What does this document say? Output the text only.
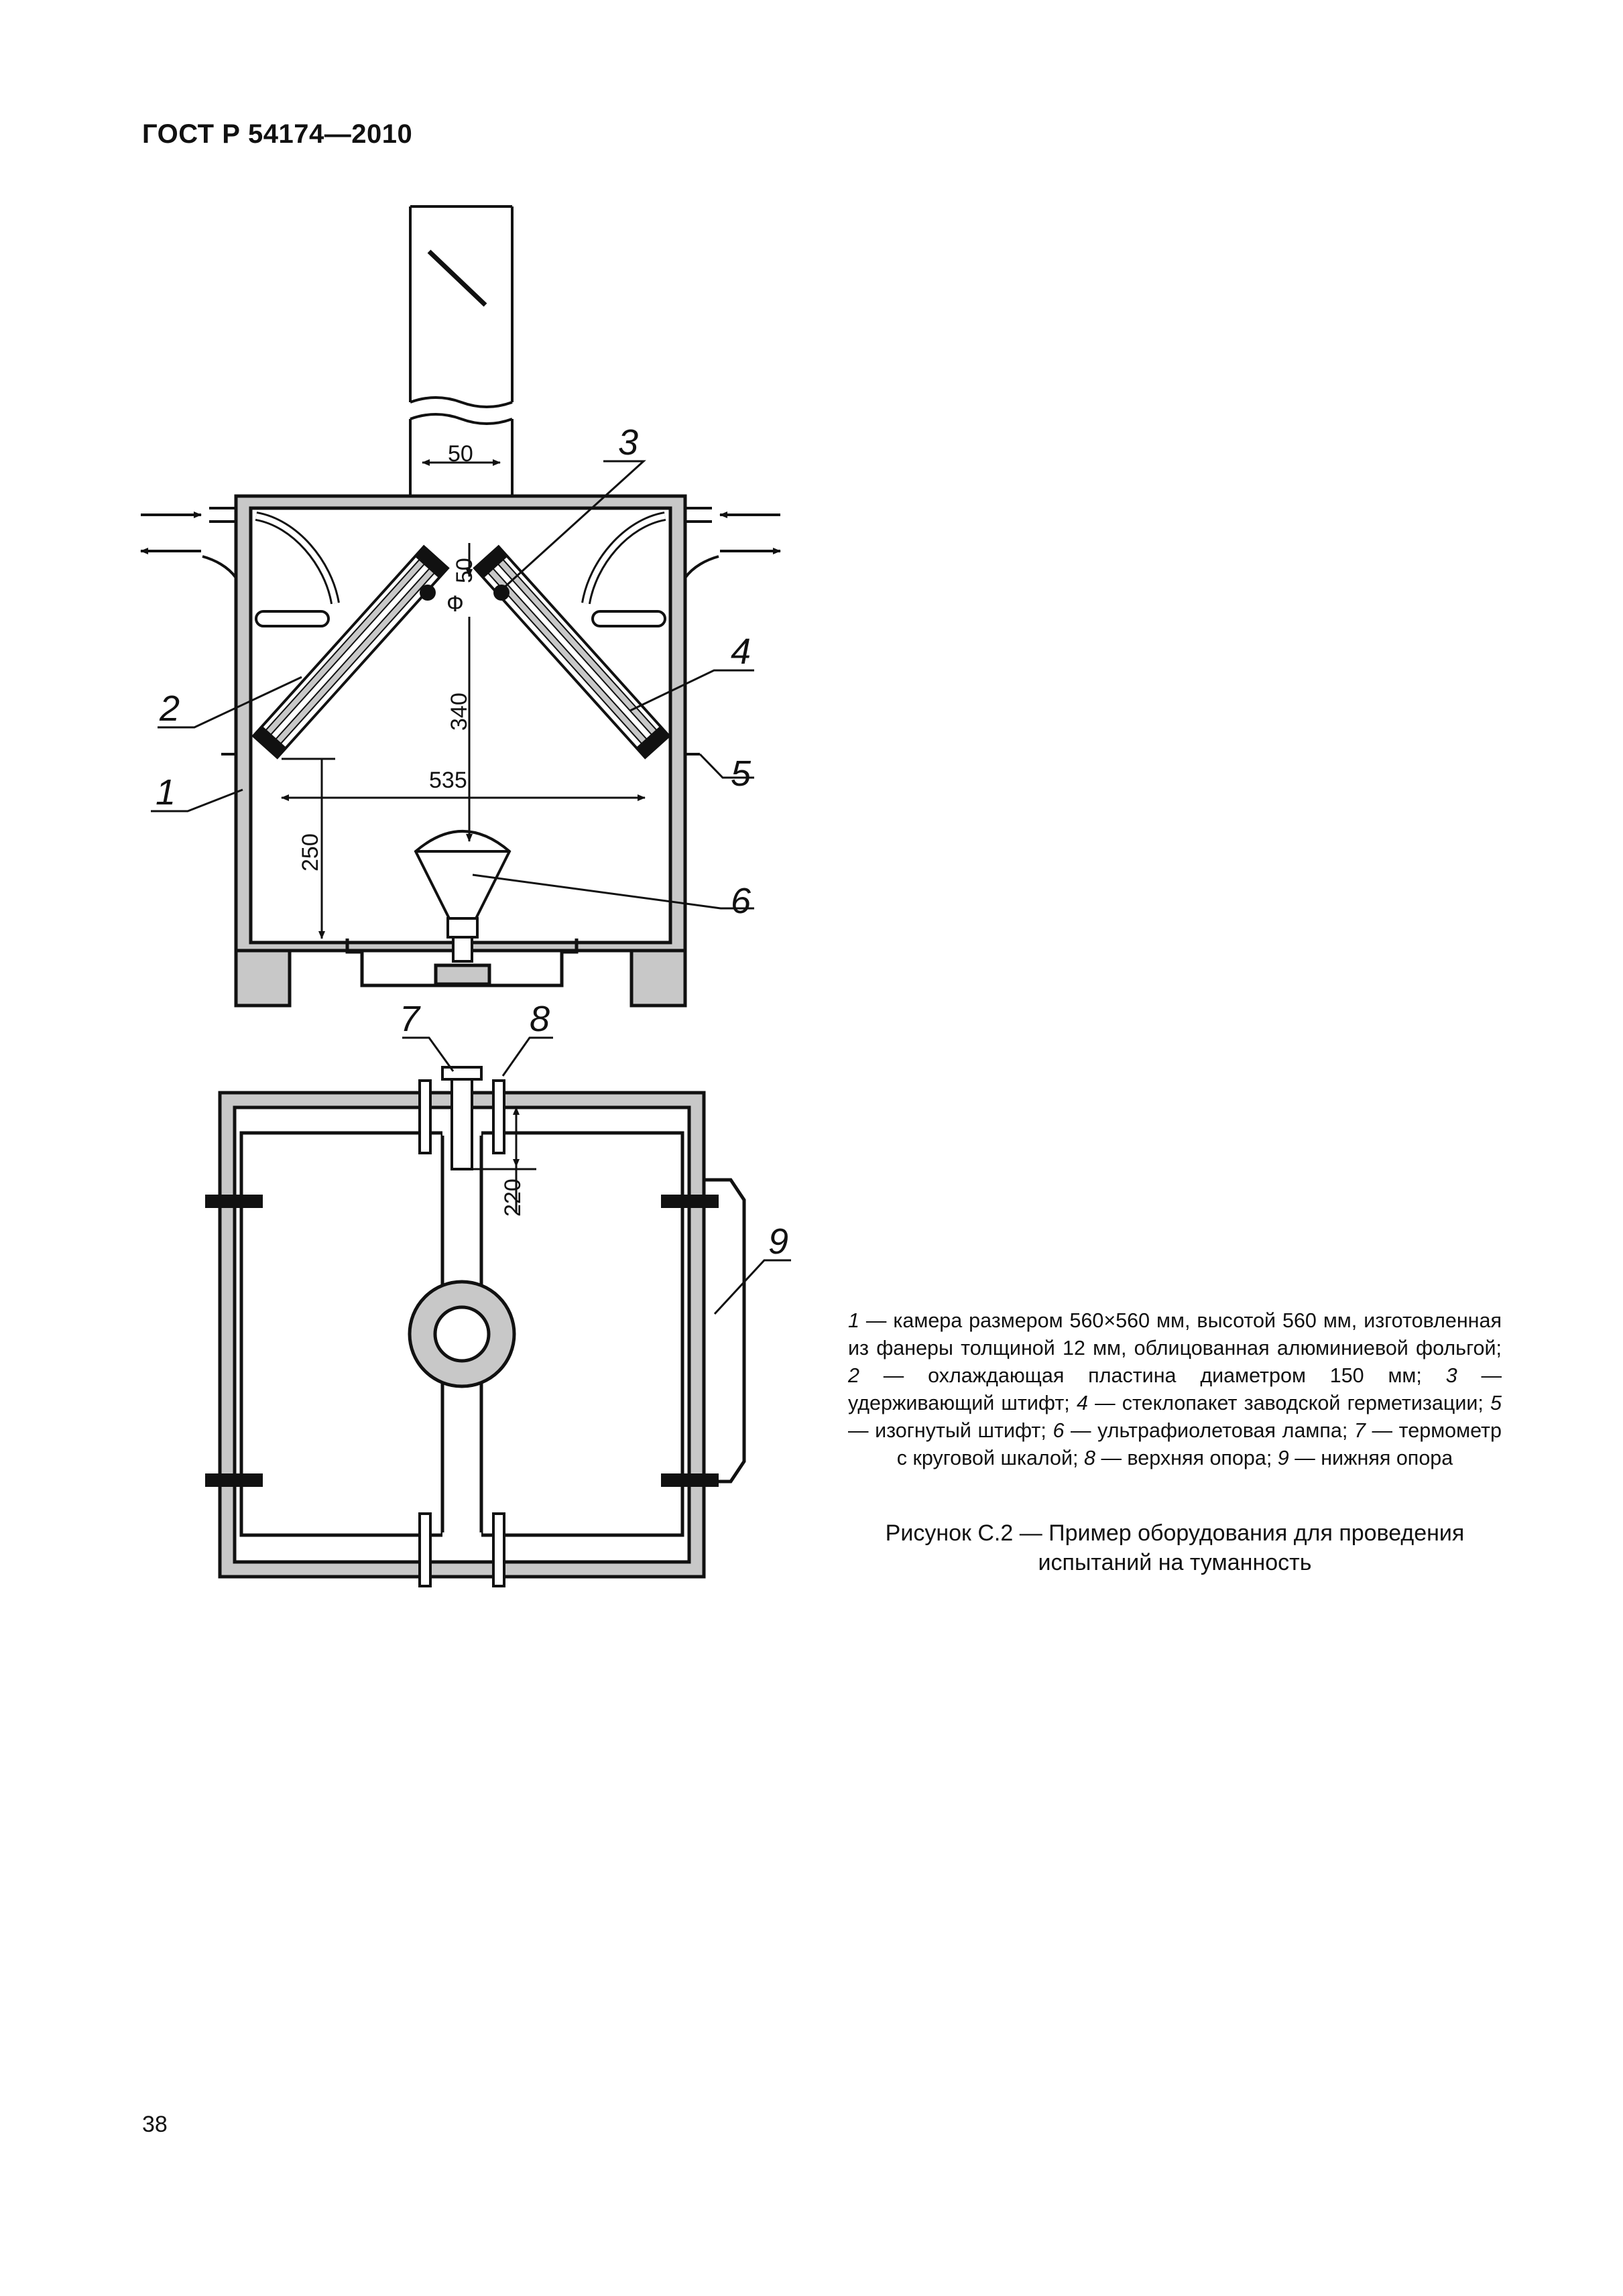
ГОСТ Р 54174—2010
50
50
Ф
340
535
250
3
2
4
5
1
6
220
7	8
9
1 — камера размером 560×560 мм, высотой 560 мм, изготовленная из фанеры толщиной 12 мм, облицованная алюминиевой фольгой; 2 — охлаждающая пластина диаметром 150 мм; 3 — удерживающий штифт; 4 — стеклопакет заводской герметизации; 5 — изогнутый штифт; 6 — ультрафиолетовая лампа; 7 — термометр с круговой шкалой; 8 — верхняя опора; 9 — нижняя опора
Рисунок С.2 — Пример оборудования для проведения испытаний на туманность
38
